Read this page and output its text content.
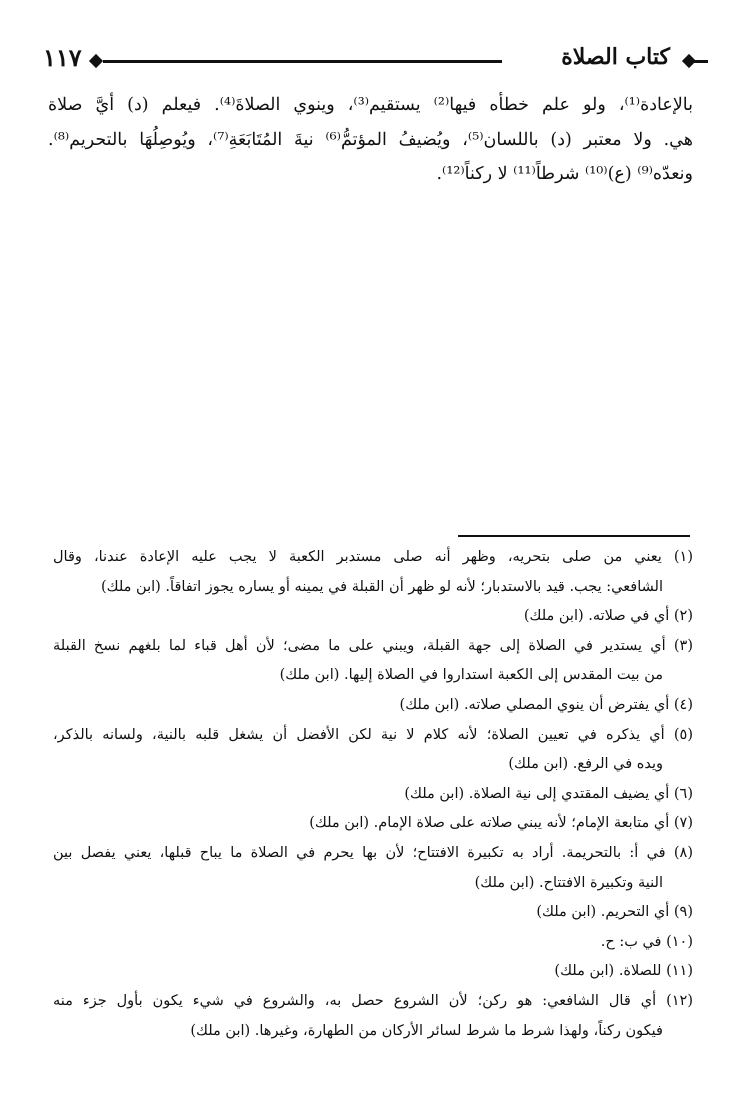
كتاب الصلاة
١١٧
بالإعادة⁽¹⁾، ولو علم خطأه فيها⁽²⁾ يستقيم⁽³⁾، وينوي الصلاةَ⁽⁴⁾. فيعلم (د) أيَّ صلاة
هي. ولا معتبر (د) باللسان⁽⁵⁾، ويُضيفُ المؤتمُّ⁽⁶⁾ نيةَ المُتَابَعَةِ⁽⁷⁾، ويُوصِلُهَا بالتحريم⁽⁸⁾.
ونعدّه⁽⁹⁾ (ع)⁽¹⁰⁾ شرطاً⁽¹¹⁾ لا ركناً⁽¹²⁾.
(١) يعني من صلى بتحريه، وظهر أنه صلى مستدبر الكعبة لا يجب عليه الإعادة عندنا، وقال
الشافعي: يجب. قيد بالاستدبار؛ لأنه لو ظهر أن القبلة في يمينه أو يساره يجوز اتفاقاً. (ابن ملك)
(٢) أي في صلاته. (ابن ملك)
(٣) أي يستدير في الصلاة إلى جهة القبلة، ويبني على ما مضى؛ لأن أهل قباء لما بلغهم نسخ القبلة
من بيت المقدس إلى الكعبة استداروا في الصلاة إليها. (ابن ملك)
(٤) أي يفترض أن ينوي المصلي صلاته. (ابن ملك)
(٥) أي يذكره في تعيين الصلاة؛ لأنه كلام لا نية لكن الأفضل أن يشغل قلبه بالنية، ولسانه بالذكر،
ويده في الرفع. (ابن ملك)
(٦) أي يضيف المقتدي إلى نية الصلاة. (ابن ملك)
(٧) أي متابعة الإمام؛ لأنه يبني صلاته على صلاة الإمام. (ابن ملك)
(٨) في أ: بالتحريمة. أراد به تكبيرة الافتتاح؛ لأن بها يحرم في الصلاة ما يباح قبلها، يعني يفصل بين
النية وتكبيرة الافتتاح. (ابن ملك)
(٩) أي التحريم. (ابن ملك)
(١٠) في ب: ح.
(١١) للصلاة. (ابن ملك)
(١٢) أي قال الشافعي: هو ركن؛ لأن الشروع حصل به، والشروع في شيء يكون بأول جزء منه
فيكون ركناً، ولهذا شرط ما شرط لسائر الأركان من الطهارة، وغيرها. (ابن ملك)
